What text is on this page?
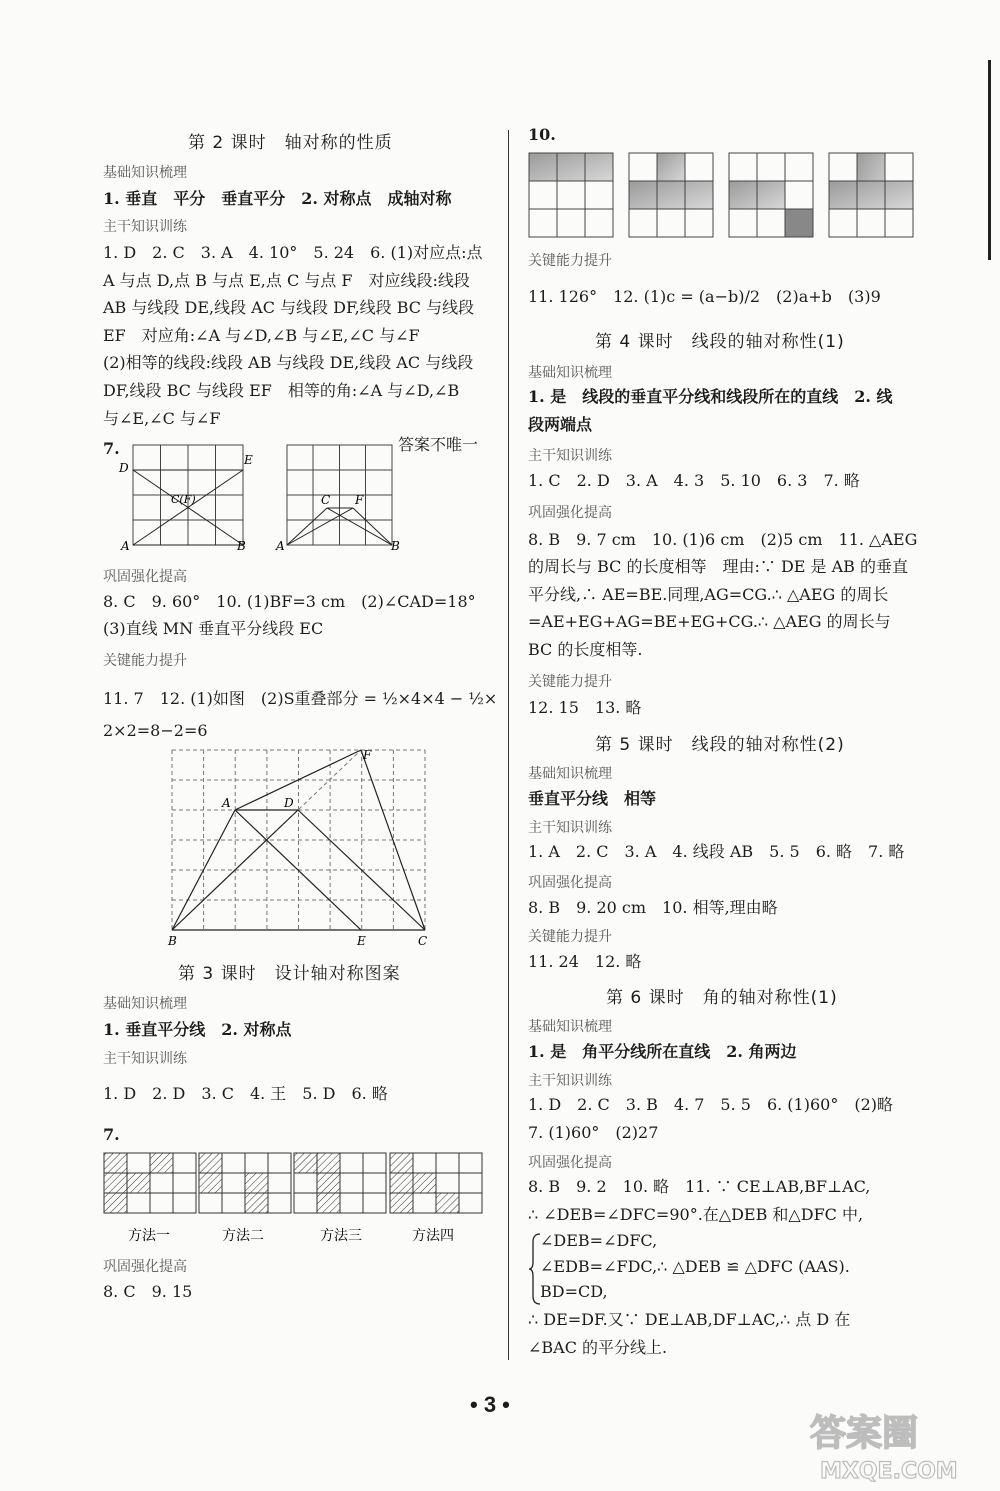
第 2 课时　轴对称的性质
基础知识梳理
1. 垂直　平分　垂直平分　2. 对称点　成轴对称
主干知识训练
1. D　2. C　3. A　4. 10°　5. 24　6. (1)对应点:点
A 与点 D,点 B 与点 E,点 C 与点 F　对应线段:线段
AB 与线段 DE,线段 AC 与线段 DF,线段 BC 与线段
EF　对应角:∠A 与∠D,∠B 与∠E,∠C 与∠F
(2)相等的线段:线段 AB 与线段 DE,线段 AC 与线段
DF,线段 BC 与线段 EF　相等的角:∠A 与∠D,∠B
与∠E,∠C 与∠F
7.	答案不唯一
D
E
C(F)
A	B
C F
A	B
巩固强化提高
8. C　9. 60°　10. (1)BF=3 cm　(2)∠CAD=18°
(3)直线 MN 垂直平分线段 EC
关键能力提升
11. 7　12. (1)如图　(2)S重叠部分 = ½×4×4 − ½×
2×2=8−2=6
F
A	D
B	E	C
第 3 课时　设计轴对称图案
基础知识梳理
1. 垂直平分线　2. 对称点
主干知识训练
1. D　2. D　3. C　4. 王　5. D　6. 略
7.
方法一	方法二	方法三	方法四
巩固强化提高
8. C　9. 15
10.
关键能力提升
11. 126°　12. (1)c = (a−b)/2　(2)a+b　(3)9
第 4 课时　线段的轴对称性(1)
基础知识梳理
1. 是　线段的垂直平分线和线段所在的直线　2. 线
段两端点
主干知识训练
1. C　2. D　3. A　4. 3　5. 10　6. 3　7. 略
巩固强化提高
8. B　9. 7 cm　10. (1)6 cm　(2)5 cm　11. △AEG
的周长与 BC 的长度相等　理由:∵ DE 是 AB 的垂直
平分线,∴ AE=BE.同理,AG=CG.∴ △AEG 的周长
=AE+EG+AG=BE+EG+CG.∴ △AEG 的周长与
BC 的长度相等.
关键能力提升
12. 15　13. 略
第 5 课时　线段的轴对称性(2)
基础知识梳理
垂直平分线　相等
主干知识训练
1. A　2. C　3. A　4. 线段 AB　5. 5　6. 略　7. 略
巩固强化提高
8. B　9. 20 cm　10. 相等,理由略
关键能力提升
11. 24　12. 略
第 6 课时　角的轴对称性(1)
基础知识梳理
1. 是　角平分线所在直线　2. 角两边
主干知识训练
1. D　2. C　3. B　4. 7　5. 5　6. (1)60°　(2)略
7. (1)60°　(2)27
巩固强化提高
8. B　9. 2　10. 略　11. ∵ CE⊥AB,BF⊥AC,
∴ ∠DEB=∠DFC=90°.在△DEB 和△DFC 中,
∠DEB=∠DFC,
∠EDB=∠FDC,∴ △DEB ≌ △DFC (AAS).
BD=CD,
∴ DE=DF.又∵ DE⊥AB,DF⊥AC,∴ 点 D 在
∠BAC 的平分线上.
• 3 •
答案圈
MXQE.COM
